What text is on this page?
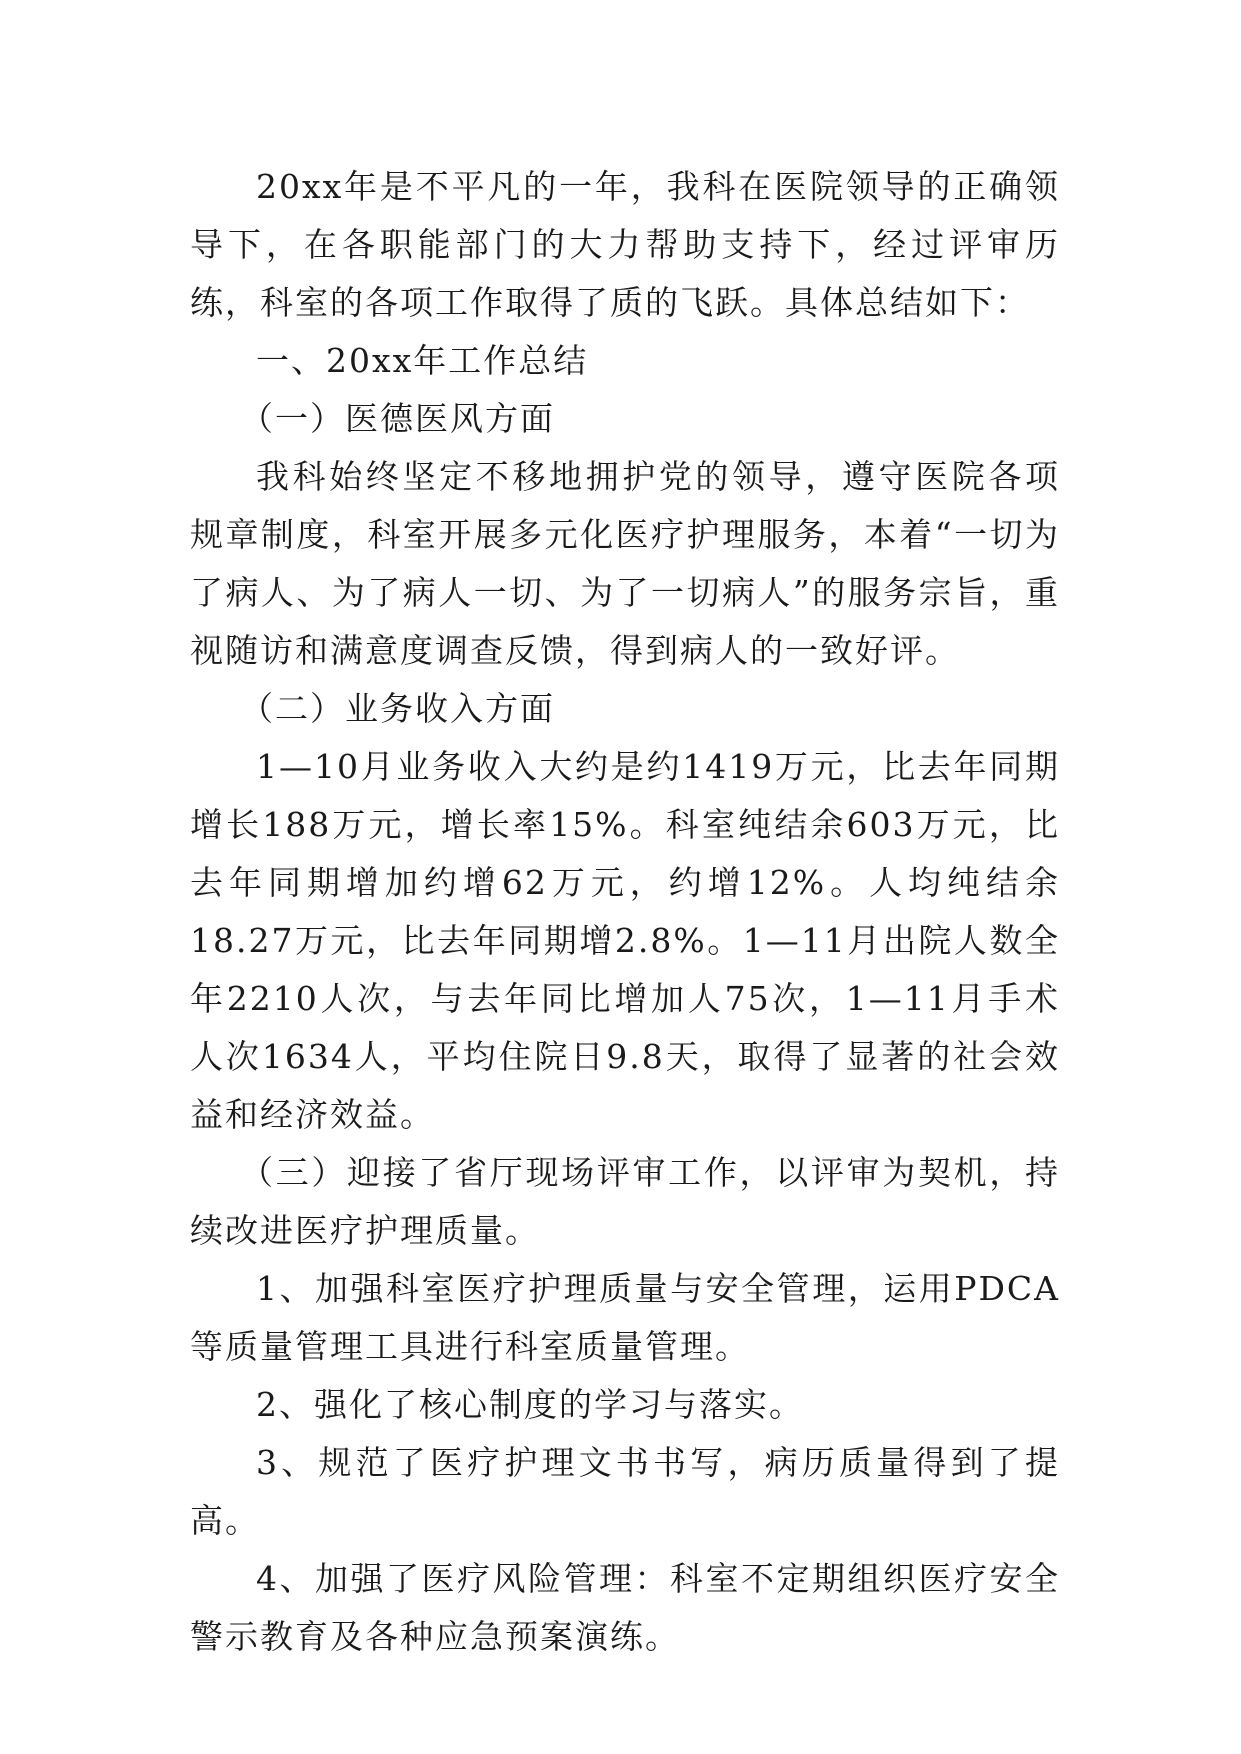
20xx年是不平凡的一年，我科在医院领导的正确领导下，在各职能部门的大力帮助支持下，经过评审历练，科室的各项工作取得了质的飞跃。具体总结如下：

一、20xx年工作总结

（一）医德医风方面

我科始终坚定不移地拥护党的领导，遵守医院各项规章制度，科室开展多元化医疗护理服务，本着“一切为了病人、为了病人一切、为了一切病人”的服务宗旨，重视随访和满意度调查反馈，得到病人的一致好评。

（二）业务收入方面

1—10月业务收入大约是约1419万元，比去年同期增长188万元，增长率15%。科室纯结余603万元，比去年同期增加约增62万元，约增12%。人均纯结余18.27万元，比去年同期增2.8%。1—11月出院人数全年2210人次，与去年同比增加人75次，1—11月手术人次1634人，平均住院日9.8天，取得了显著的社会效益和经济效益。

（三）迎接了省厅现场评审工作，以评审为契机，持续改进医疗护理质量。

1、加强科室医疗护理质量与安全管理，运用PDCA等质量管理工具进行科室质量管理。

2、强化了核心制度的学习与落实。

3、规范了医疗护理文书书写，病历质量得到了提高。

4、加强了医疗风险管理：科室不定期组织医疗安全警示教育及各种应急预案演练。
